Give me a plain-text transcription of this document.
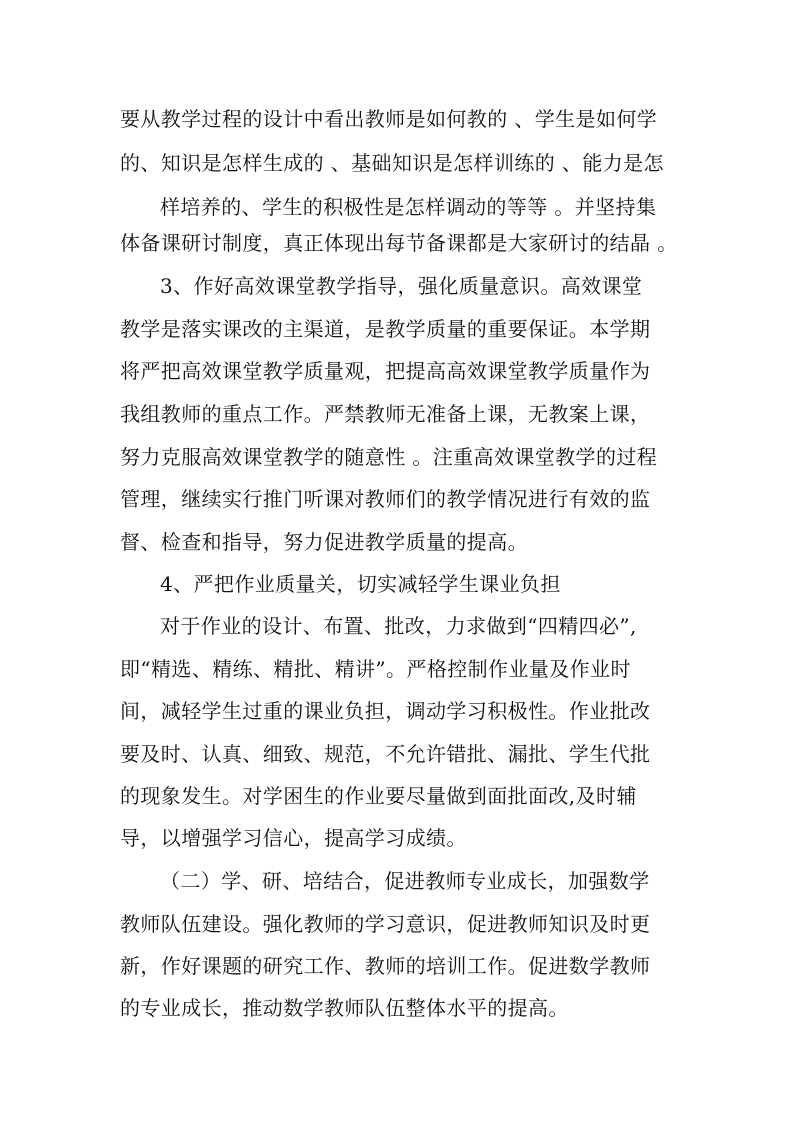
要从教学过程的设计中看出教师是如何教的 、学生是如何学
的、知识是怎样生成的 、基础知识是怎样训练的 、能力是怎
样培养的、学生的积极性是怎样调动的等等 。并坚持集
体备课研讨制度，真正体现出每节备课都是大家研讨的结晶 。
3、作好高效课堂教学指导，强化质量意识。高效课堂
教学是落实课改的主渠道，是教学质量的重要保证。本学期
将严把高效课堂教学质量观，把提高高效课堂教学质量作为
我组教师的重点工作。严禁教师无准备上课，无教案上课，
努力克服高效课堂教学的随意性 。注重高效课堂教学的过程
管理，继续实行推门听课对教师们的教学情况进行有效的监
督、检查和指导，努力促进教学质量的提高。
4、严把作业质量关，切实减轻学生课业负担
对于作业的设计、布置、批改，力求做到“四精四必”,
即“精选、精练、精批、精讲”。严格控制作业量及作业时
间，减轻学生过重的课业负担，调动学习积极性。作业批改
要及时、认真、细致、规范，不允许错批、漏批、学生代批
的现象发生。对学困生的作业要尽量做到面批面改,及时辅
导，以增强学习信心，提高学习成绩。
（二）学、研、培结合，促进教师专业成长，加强数学
教师队伍建设。强化教师的学习意识，促进教师知识及时更
新，作好课题的研究工作、教师的培训工作。促进数学教师
的专业成长，推动数学教师队伍整体水平的提高。
